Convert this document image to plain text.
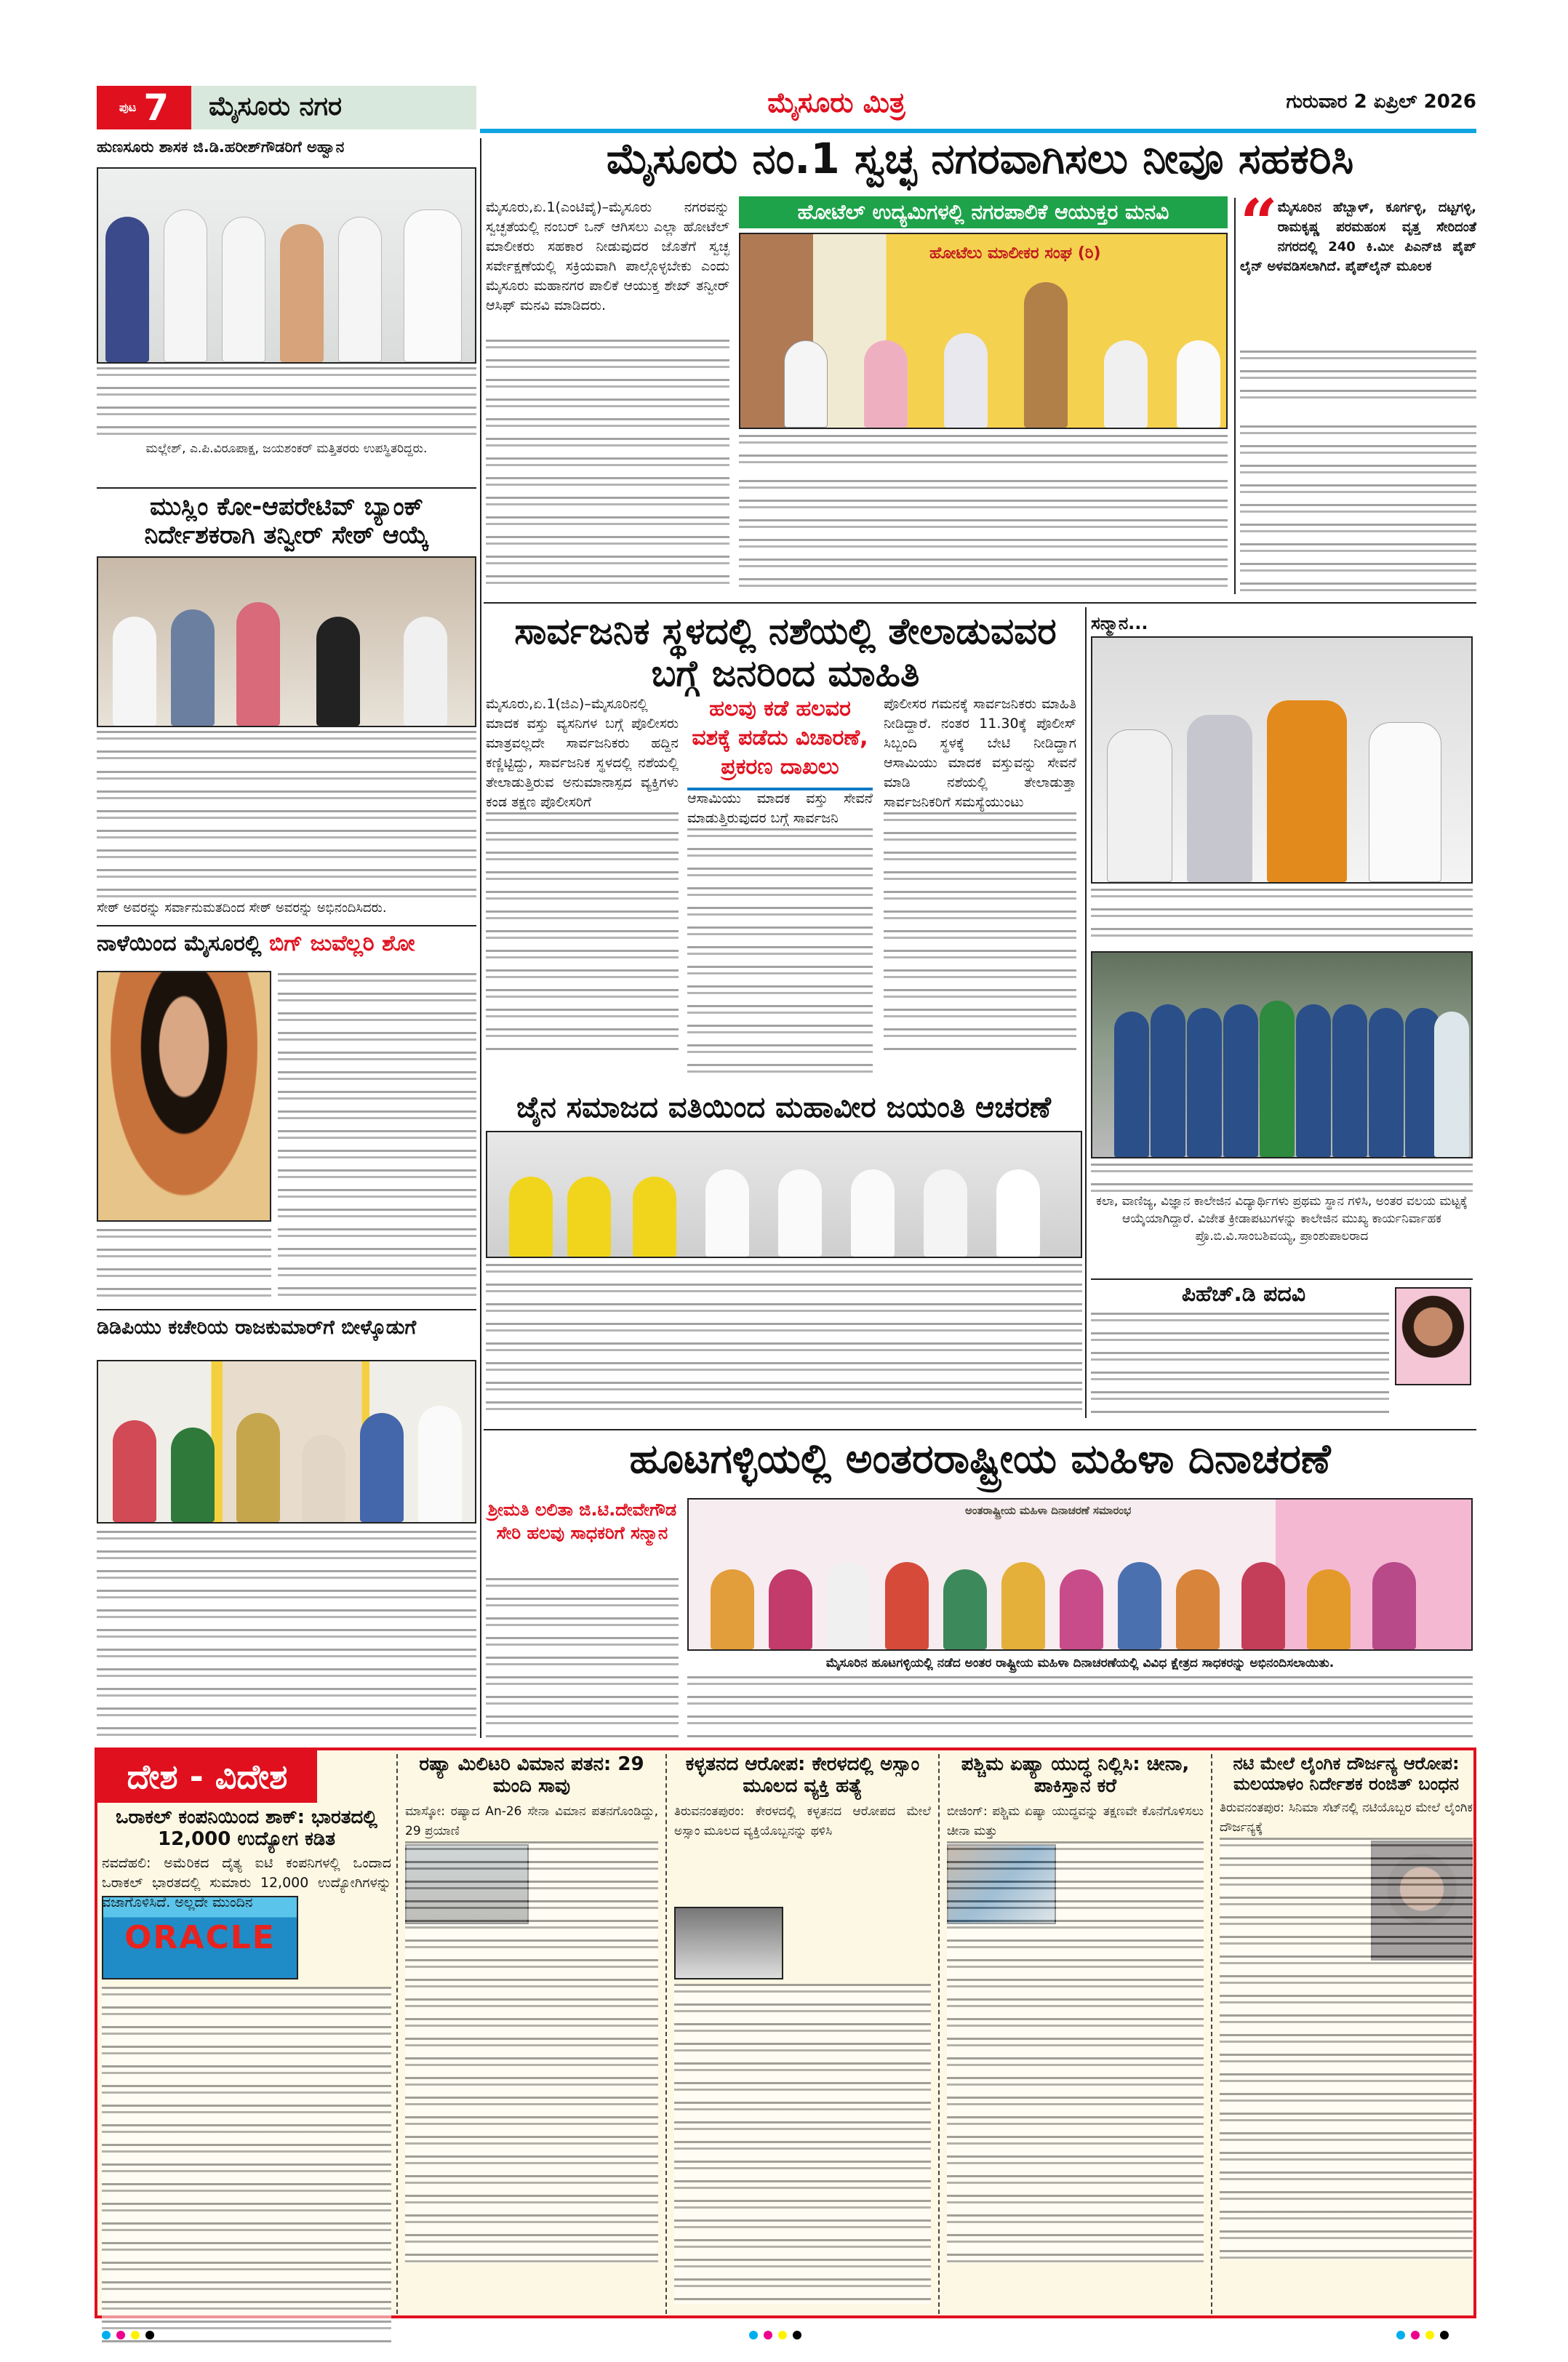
ಪುಟ 7	ಮೈಸೂರು ನಗರ	ಮೈಸೂರು ಮಿತ್ರ	ಗುರುವಾರ 2 ಏಪ್ರಿಲ್ 2026
ಮೈಸೂರು ನಂ.1 ಸ್ವಚ್ಛ ನಗರವಾಗಿಸಲು ನೀವೂ ಸಹಕರಿಸಿ
ಮೈಸೂರು,ಏ.1(ಎಂಟಿವೈ)–ಮೈಸೂರು ನಗರವನ್ನು ಸ್ವಚ್ಛತೆಯಲ್ಲಿ ನಂಬರ್ ಒನ್ ಆಗಿಸಲು ಎಲ್ಲಾ ಹೋಟೆಲ್ ಮಾಲೀಕರು ಸಹಕಾರ ನೀಡುವುದರ ಜೊತೆಗೆ ಸ್ವಚ್ಛ ಸರ್ವೇಕ್ಷಣೆಯಲ್ಲಿ ಸಕ್ರಿಯವಾಗಿ ಪಾಲ್ಗೊಳ್ಳಬೇಕು ಎಂದು ಮೈಸೂರು ಮಹಾನಗರ ಪಾಲಿಕೆ ಆಯುಕ್ತ ಶೇಖ್ ತನ್ವೀರ್ ಆಸಿಫ್ ಮನವಿ ಮಾಡಿದರು.
ಹೋಟೆಲ್ ಉದ್ಯಮಿಗಳಲ್ಲಿ ನಗರಪಾಲಿಕೆ ಆಯುಕ್ತರ ಮನವಿ
ಹೋಟೆಲು ಮಾಲೀಕರ ಸಂಘ (ರಿ) “ ಮೈಸೂರಿನ ಹೆಬ್ಬಾಳ್, ಕೂರ್ಗಳ್ಳಿ, ದಟ್ಟಗಳ್ಳಿ, ರಾಮಕೃಷ್ಣ ಪರಮಹಂಸ ವೃತ್ತ ಸೇರಿದಂತೆ ನಗರದಲ್ಲಿ 240 ಕಿ.ಮೀ ಪಿಎನ್‌ಜಿ ಪೈಪ್ ಲೈನ್ ಅಳವಡಿಸಲಾಗಿದೆ. ಪೈಪ್‌ಲೈನ್ ಮೂಲಕ
ಸಾರ್ವಜನಿಕ ಸ್ಥಳದಲ್ಲಿ ನಶೆಯಲ್ಲಿ ತೇಲಾಡುವವರ ಬಗ್ಗೆ ಜನರಿಂದ ಮಾಹಿತಿ
ಮೈಸೂರು,ಏ.1(ಜಿಎ)–ಮೈಸೂರಿನಲ್ಲಿ ಮಾದಕ ವಸ್ತು ವ್ಯಸನಿಗಳ ಬಗ್ಗೆ ಪೊಲೀಸರು ಮಾತ್ರವಲ್ಲದೇ ಸಾರ್ವಜನಿಕರು ಹದ್ದಿನ ಕಣ್ಣಿಟ್ಟಿದ್ದು, ಸಾರ್ವಜನಿಕ ಸ್ಥಳದಲ್ಲಿ ನಶೆಯಲ್ಲಿ ತೇಲಾಡುತ್ತಿರುವ ಅನುಮಾನಾಸ್ಪದ ವ್ಯಕ್ತಿಗಳು ಕಂಡ ತಕ್ಷಣ ಪೊಲೀಸರಿಗೆ
ಹಲವು ಕಡೆ ಹಲವರ ವಶಕ್ಕೆ ಪಡೆದು ವಿಚಾರಣೆ, ಪ್ರಕರಣ ದಾಖಲು
ಆಸಾಮಿಯು ಮಾದಕ ವಸ್ತು ಸೇವನೆ ಮಾಡುತ್ತಿರುವುದರ ಬಗ್ಗೆ ಸಾರ್ವಜನಿ
ಪೊಲೀಸರ ಗಮನಕ್ಕೆ ಸಾರ್ವಜನಿಕರು ಮಾಹಿತಿ ನೀಡಿದ್ದಾರೆ. ನಂತರ 11.30ಕ್ಕೆ ಪೊಲೀಸ್ ಸಿಬ್ಬಂದಿ ಸ್ಥಳಕ್ಕೆ ಬೇಟಿ ನೀಡಿದ್ದಾಗ ಆಸಾಮಿಯು ಮಾದಕ ವಸ್ತುವನ್ನು ಸೇವನೆ ಮಾಡಿ ನಶೆಯಲ್ಲಿ ತೇಲಾಡುತ್ತಾ ಸಾರ್ವಜನಿಕರಿಗೆ ಸಮಸ್ಯೆಯುಂಟು
ಜೈನ ಸಮಾಜದ ವತಿಯಿಂದ ಮಹಾವೀರ ಜಯಂತಿ ಆಚರಣೆ
ಸನ್ಮಾನ...
ಕಲಾ, ವಾಣಿಜ್ಯ, ವಿಜ್ಞಾನ ಕಾಲೇಜಿನ ವಿದ್ಯಾರ್ಥಿಗಳು ಪ್ರಥಮ ಸ್ಥಾನ ಗಳಿಸಿ, ಅಂತರ ವಲಯ ಮಟ್ಟಕ್ಕೆ ಆಯ್ಕೆಯಾಗಿದ್ದಾರೆ. ವಿಜೇತ ಕ್ರೀಡಾಪಟುಗಳನ್ನು ಕಾಲೇಜಿನ ಮುಖ್ಯ ಕಾರ್ಯನಿರ್ವಾಹಕ ಪ್ರೊ.ಬಿ.ವಿ.ಸಾಂಬಶಿವಯ್ಯ, ಪ್ರಾಂಶುಪಾಲರಾದ
ಪಿಹೆಚ್.ಡಿ ಪದವಿ
ಹುಣಸೂರು ಶಾಸಕ ಜಿ.ಡಿ.ಹರೀಶ್‌ಗೌಡರಿಗೆ ಅಹ್ವಾನ
ಮಲ್ಲೇಶ್, ಎ.ಪಿ.ವಿರೂಪಾಕ್ಷ, ಜಯಶಂಕರ್ ಮತ್ತಿತರರು ಉಪಸ್ಥಿತರಿದ್ದರು.
ಮುಸ್ಲಿಂ ಕೋ-ಆಪರೇಟಿವ್ ಬ್ಯಾಂಕ್ ನಿರ್ದೇಶಕರಾಗಿ ತನ್ವೀರ್ ಸೇಠ್ ಆಯ್ಕೆ
ಸೇಠ್ ಅವರನ್ನು ಸರ್ವಾನುಮತದಿಂದ ಸೇಠ್ ಅವರನ್ನು ಅಭಿನಂದಿಸಿದರು.
ನಾಳೆಯಿಂದ ಮೈಸೂರಲ್ಲಿ ಬಿಗ್ ಜುವೆಲ್ಲರಿ ಶೋ
ಡಿಡಿಪಿಯು ಕಚೇರಿಯ ರಾಜಕುಮಾರ್‌ಗೆ ಬೀಳ್ಕೊಡುಗೆ
ಹೂಟಗಳ್ಳಿಯಲ್ಲಿ ಅಂತರರಾಷ್ಟ್ರೀಯ ಮಹಿಳಾ ದಿನಾಚರಣೆ
ಶ್ರೀಮತಿ ಲಲಿತಾ ಜಿ.ಟಿ.ದೇವೇಗೌಡ ಸೇರಿ ಹಲವು ಸಾಧಕರಿಗೆ ಸನ್ಮಾನ
ಅಂತರಾಷ್ಟ್ರೀಯ ಮಹಿಳಾ ದಿನಾಚರಣೆ ಸಮಾರಂಭ
ಮೈಸೂರಿನ ಹೂಟಗಳ್ಳಿಯಲ್ಲಿ ನಡೆದ ಅಂತರ ರಾಷ್ಟ್ರೀಯ ಮಹಿಳಾ ದಿನಾಚರಣೆಯಲ್ಲಿ ವಿವಿಧ ಕ್ಷೇತ್ರದ ಸಾಧಕರನ್ನು ಅಭಿನಂದಿಸಲಾಯಿತು.
ದೇಶ - ವಿದೇಶ
ಒರಾಕಲ್ ಕಂಪನಿಯಿಂದ ಶಾಕ್: ಭಾರತದಲ್ಲಿ 12,000 ಉದ್ಯೋಗ ಕಡಿತ
ನವದೆಹಲಿ: ಅಮೆರಿಕದ ದೈತ್ಯ ಐಟಿ ಕಂಪನಿಗಳಲ್ಲಿ ಒಂದಾದ ಒರಾಕಲ್ ಭಾರತದಲ್ಲಿ ಸುಮಾರು 12,000 ಉದ್ಯೋಗಿಗಳನ್ನು ವಜಾಗೊಳಿಸಿದೆ. ಅಲ್ಲದೇ ಮುಂದಿನ
ORACLE
ರಷ್ಯಾ ಮಿಲಿಟರಿ ವಿಮಾನ ಪತನ: 29 ಮಂದಿ ಸಾವು
ಮಾಸ್ಕೋ: ರಷ್ಯಾದ An-26 ಸೇನಾ ವಿಮಾನ ಪತನಗೊಂಡಿದ್ದು, 29 ಪ್ರಯಾಣಿ
ಕಳ್ಳತನದ ಆರೋಪ: ಕೇರಳದಲ್ಲಿ ಅಸ್ಸಾಂ ಮೂಲದ ವ್ಯಕ್ತಿ ಹತ್ಯೆ
ತಿರುವನಂತಪುರಂ: ಕೇರಳದಲ್ಲಿ ಕಳ್ಳತನದ ಆರೋಪದ ಮೇಲೆ ಅಸ್ಸಾಂ ಮೂಲದ ವ್ಯಕ್ತಿಯೊಬ್ಬನನ್ನು ಥಳಿಸಿ
ಪಶ್ಚಿಮ ಏಷ್ಯಾ ಯುದ್ಧ ನಿಲ್ಲಿಸಿ: ಚೀನಾ, ಪಾಕಿಸ್ತಾನ ಕರೆ
ಬೀಜಿಂಗ್: ಪಶ್ಚಿಮ ಏಷ್ಯಾ ಯುದ್ಧವನ್ನು ತಕ್ಷಣವೇ ಕೊನೆಗೊಳಿಸಲು ಚೀನಾ ಮತ್ತು
ನಟಿ ಮೇಲೆ ಲೈಂಗಿಕ ದೌರ್ಜನ್ಯ ಆರೋಪ: ಮಲಯಾಳಂ ನಿರ್ದೇಶಕ ರಂಜಿತ್ ಬಂಧನ
ತಿರುವನಂತಪುರ: ಸಿನಿಮಾ ಸೆಟ್‌ನಲ್ಲಿ ನಟಿಯೊಬ್ಬರ ಮೇಲೆ ಲೈಂಗಿಕ ದೌರ್ಜನ್ಯಕ್ಕೆ
